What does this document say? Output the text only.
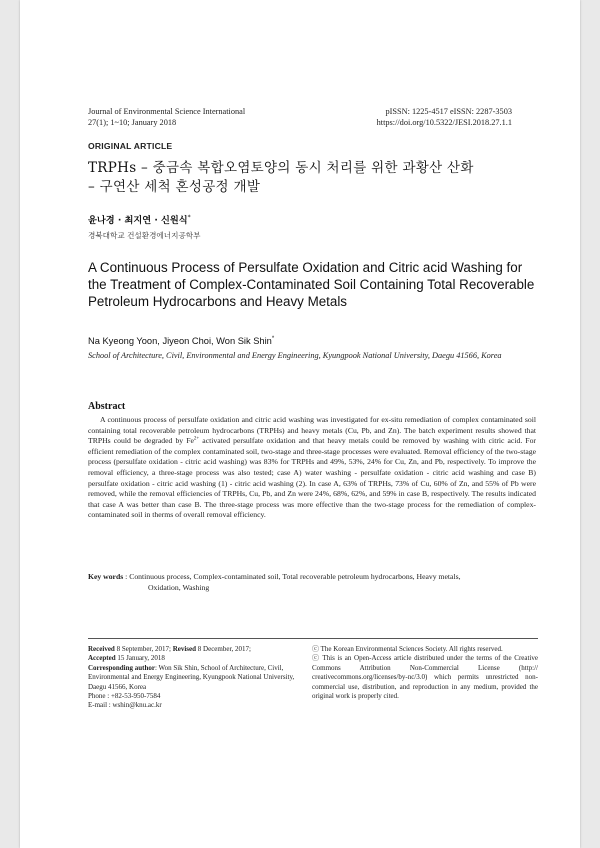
Journal of Environmental Science International
27(1); 1~10; January 2018
pISSN: 1225-4517 eISSN: 2287-3503
https://doi.org/10.5322/JESI.2018.27.1.1
ORIGINAL ARTICLE
TRPHs – 중금속 복합오염토양의 동시 처리를 위한 과황산 산화
– 구연산 세척 혼성공정 개발
윤나경 · 최지연 · 신원식*
경북대학교 건설환경에너지공학부
A Continuous Process of Persulfate Oxidation and Citric acid Washing for the Treatment of Complex-Contaminated Soil Containing Total Recoverable Petroleum Hydrocarbons and Heavy Metals
Na Kyeong Yoon, Jiyeon Choi, Won Sik Shin*
School of Architecture, Civil, Environmental and Energy Engineering, Kyungpook National University, Daegu 41566, Korea
Abstract
A continuous process of persulfate oxidation and citric acid washing was investigated for ex-situ remediation of complex contaminated soil containing total recoverable petroleum hydrocarbons (TRPHs) and heavy metals (Cu, Pb, and Zn). The batch experiment results showed that TRPHs could be degraded by $Fe^{2+}$ activated persulfate oxidation and that heavy metals could be removed by washing with citric acid. For efficient remediation of the complex contaminated soil, two-stage and three-stage processes were evaluated. Removal efficiency of the two-stage process (persulfate oxidation - citric acid washing) was 83% for TRPHs and 49%, 53%, 24% for Cu, Zn, and Pb, respectively. To improve the removal efficiency, a three-stage process was also tested; case A) water washing - persulfate oxidation - citric acid washing and case B) persulfate oxidation - citric acid washing (1) - citric acid washing (2). In case A, 63% of TRPHs, 73% of Cu, 60% of Zn, and 55% of Pb were removed, while the removal efficiencies of TRPHs, Cu, Pb, and Zn were 24%, 68%, 62%, and 59% in case B, respectively. The results indicated that case A was better than case B. The three-stage process was more effective than the two-stage process for the remediation of complex-contaminated soil in therms of overall removal efficiency.
Key words : Continuous process, Complex-contaminated soil, Total recoverable petroleum hydrocarbons, Heavy metals,
Oxidation, Washing
Received 8 September, 2017; Revised 8 December, 2017;
Accepted 15 January, 2018
Corresponding author: Won Sik Shin, School of Architecture, Civil, Environmental and Energy Engineering, Kyungpook National University, Daegu 41566, Korea
Phone : +82-53-950-7584
E-mail : wshin@knu.ac.kr
ⓒ The Korean Environmental Sciences Society. All rights reserved.
ⓒ This is an Open-Access article distributed under the terms of the Creative Commons Attribution Non-Commercial License (http:// creativecommons.org/licenses/by-nc/3.0) which permits unrestricted non-commercial use, distribution, and reproduction in any medium, provided the original work is properly cited.
